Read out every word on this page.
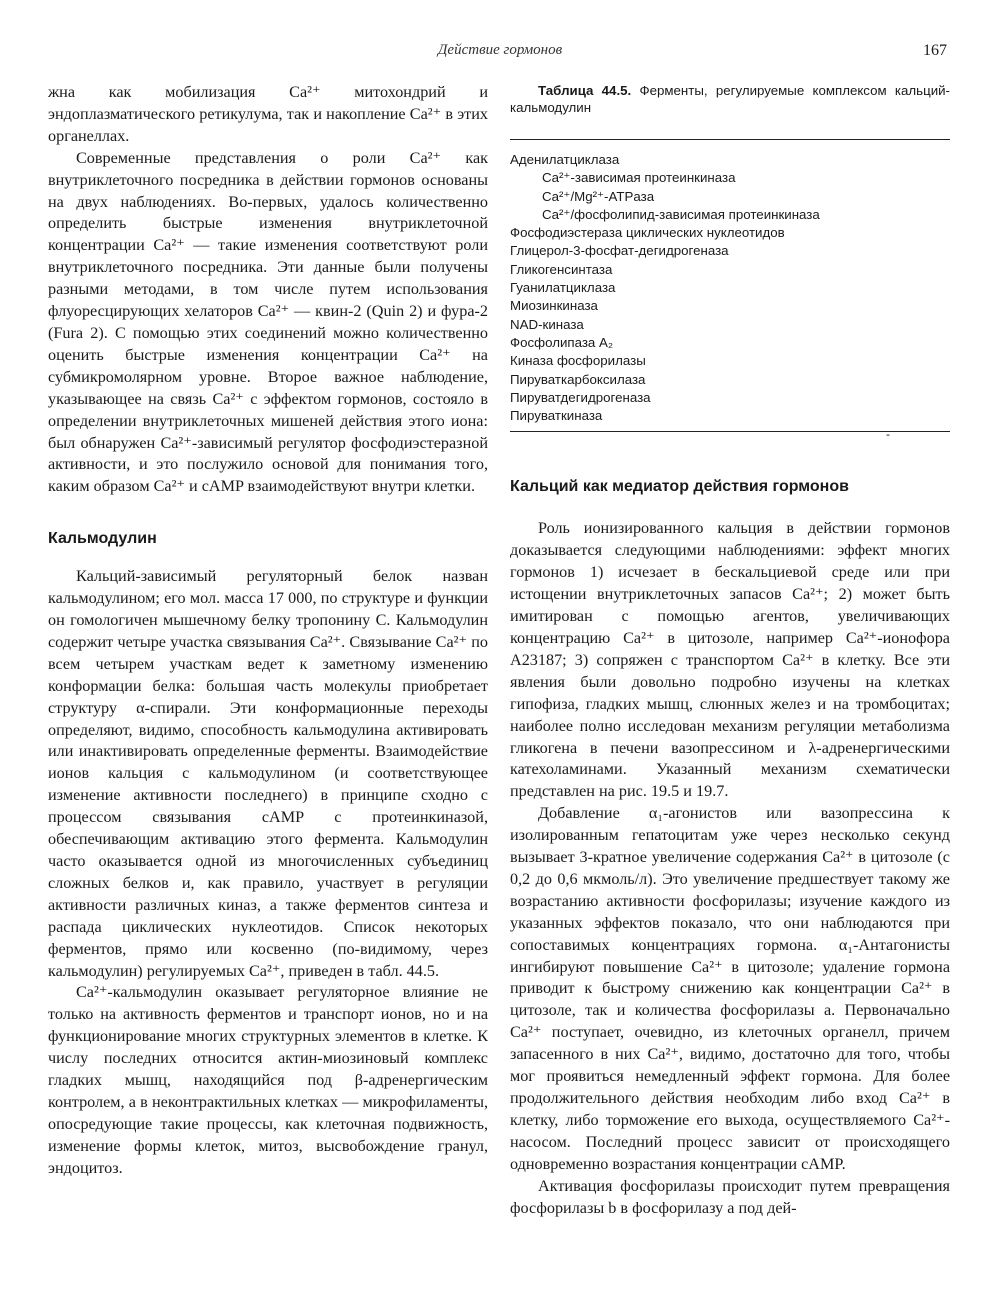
Действие гормонов	167

жна как мобилизация Ca²⁺ митохондрий и эндоплазматического ретикулума, так и накопление Ca²⁺ в этих органеллах.

Современные представления о роли Ca²⁺ как внутриклеточного посредника в действии гормонов основаны на двух наблюдениях. Во-первых, удалось количественно определить быстрые изменения внутриклеточной концентрации Ca²⁺ — такие изменения соответствуют роли внутриклеточного посредника. Эти данные были получены разными методами, в том числе путем использования флуоресцирующих хелаторов Ca²⁺ — квин-2 (Quin 2) и фура-2 (Fura 2). С помощью этих соединений можно количественно оценить быстрые изменения концентрации Ca²⁺ на субмикромолярном уровне. Второе важное наблюдение, указывающее на связь Ca²⁺ с эффектом гормонов, состояло в определении внутриклеточных мишеней действия этого иона: был обнаружен Ca²⁺-зависимый регулятор фосфодиэстеразной активности, и это послужило основой для понимания того, каким образом Ca²⁺ и cAMP взаимодействуют внутри клетки.

Кальмодулин

Кальций-зависимый регуляторный белок назван кальмодулином; его мол. масса 17 000, по структуре и функции он гомологичен мышечному белку тропонину C. Кальмодулин содержит четыре участка связывания Ca²⁺. Связывание Ca²⁺ по всем четырем участкам ведет к заметному изменению конформации белка: большая часть молекулы приобретает структуру α-спирали. Эти конформационные переходы определяют, видимо, способность кальмодулина активировать или инактивировать определенные ферменты. Взаимодействие ионов кальция с кальмодулином (и соответствующее изменение активности последнего) в принципе сходно с процессом связывания cAMP с протеинкиназой, обеспечивающим активацию этого фермента. Кальмодулин часто оказывается одной из многочисленных субъединиц сложных белков и, как правило, участвует в регуляции активности различных киназ, а также ферментов синтеза и распада циклических нуклеотидов. Список некоторых ферментов, прямо или косвенно (по-видимому, через кальмодулин) регулируемых Ca²⁺, приведен в табл. 44.5.

Ca²⁺-кальмодулин оказывает регуляторное влияние не только на активность ферментов и транспорт ионов, но и на функционирование многих структурных элементов в клетке. К числу последних относится актин-миозиновый комплекс гладких мышц, находящийся под β-адренергическим контролем, а в неконтрактильных клетках — микрофиламенты, опосредующие такие процессы, как клеточная подвижность, изменение формы клеток, митоз, высвобождение гранул, эндоцитоз.

Таблица 44.5. Ферменты, регулируемые комплексом кальций-кальмодулин

Аденилатциклаза
Ca²⁺-зависимая протеинкиназа
Ca²⁺/Mg²⁺-ATPаза
Ca²⁺/фосфолипид-зависимая протеинкиназа
Фосфодиэстераза циклических нуклеотидов
Глицерол-3-фосфат-дегидрогеназа
Гликогенсинтаза
Гуанилатциклаза
Миозинкиназа
NAD-киназа
Фосфолипаза A₂
Киназа фосфорилазы
Пируваткарбоксилаза
Пируватдегидрогеназа
Пируваткиназа
-
Кальций как медиатор действия гормонов

Роль ионизированного кальция в действии гормонов доказывается следующими наблюдениями: эффект многих гормонов 1) исчезает в бескальциевой среде или при истощении внутриклеточных запасов Ca²⁺; 2) может быть имитирован с помощью агентов, увеличивающих концентрацию Ca²⁺ в цитозоле, например Ca²⁺-ионофора A23187; 3) сопряжен с транспортом Ca²⁺ в клетку. Все эти явления были довольно подробно изучены на клетках гипофиза, гладких мышц, слюнных желез и на тромбоцитах; наиболее полно исследован механизм регуляции метаболизма гликогена в печени вазопрессином и λ-адренергическими катехоламинами. Указанный механизм схематически представлен на рис. 19.5 и 19.7.

Добавление α₁-агонистов или вазопрессина к изолированным гепатоцитам уже через несколько секунд вызывает 3-кратное увеличение содержания Ca²⁺ в цитозоле (с 0,2 до 0,6 мкмоль/л). Это увеличение предшествует такому же возрастанию активности фосфорилазы; изучение каждого из указанных эффектов показало, что они наблюдаются при сопоставимых концентрациях гормона. α₁-Антагонисты ингибируют повышение Ca²⁺ в цитозоле; удаление гормона приводит к быстрому снижению как концентрации Ca²⁺ в цитозоле, так и количества фосфорилазы a. Первоначально Ca²⁺ поступает, очевидно, из клеточных органелл, причем запасенного в них Ca²⁺, видимо, достаточно для того, чтобы мог проявиться немедленный эффект гормона. Для более продолжительного действия необходим либо вход Ca²⁺ в клетку, либо торможение его выхода, осуществляемого Ca²⁺-насосом. Последний процесс зависит от происходящего одновременно возрастания концентрации cAMP.

Активация фосфорилазы происходит путем превращения фосфорилазы b в фосфорилазу a под дей-
